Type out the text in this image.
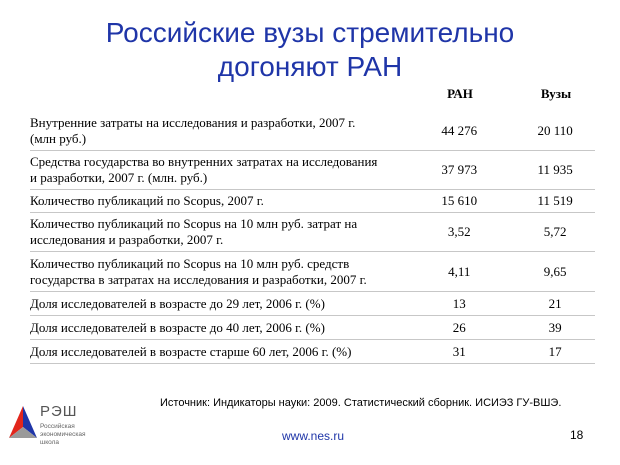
Российские вузы стремительно
догоняют РАН
РАН	Вузы
Внутренние затраты на исследования и разработки, 2007 г.
(млн руб.)
44 276	20 110
Средства государства во внутренних затратах на исследования
и разработки, 2007 г. (млн. руб.)
37 973	11 935
Количество публикаций по Scopus, 2007 г.	15 610	11 519
Количество публикаций по Scopus на 10 млн руб. затрат на
исследования и разработки, 2007 г.
3,52	5,72
Количество публикаций по Scopus на 10 млн руб. средств
государства в затратах на исследования и разработки, 2007 г.
4,11	9,65
Доля исследователей в возрасте до 29 лет, 2006 г. (%)	13	21
Доля исследователей в возрасте до 40 лет, 2006 г. (%)	26	39
Доля исследователей в возрасте старше 60 лет, 2006 г. (%)	31	17
Источник: Индикаторы науки: 2009. Статистический сборник. ИСИЭЗ ГУ-ВШЭ.
РЭШ
Российская
экономическая
школа	www.nes.ru	18
